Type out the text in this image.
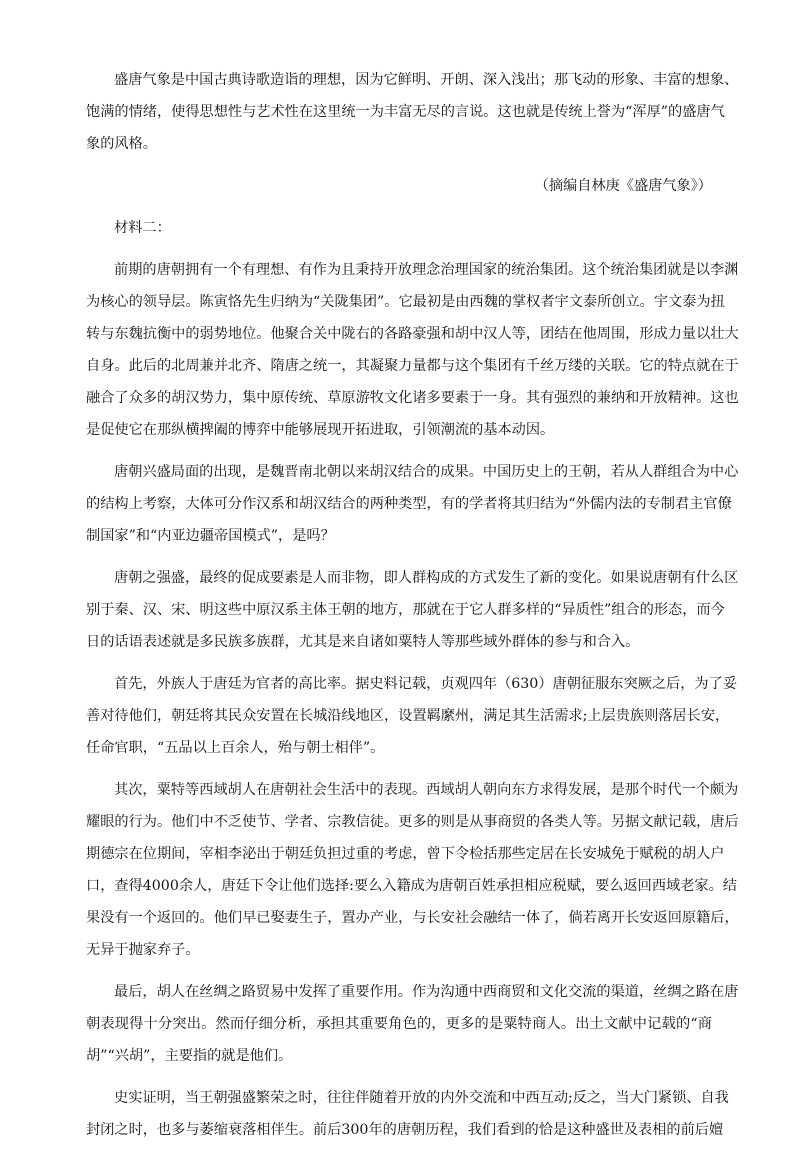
盛唐气象是中国古典诗歌造诣的理想，因为它鲜明、开朗、深入浅出；那飞动的形象、丰富的想象、
饱满的情绪，使得思想性与艺术性在这里统一为丰富无尽的言说。这也就是传统上誉为“浑厚”的盛唐气
象的风格。
（摘编自林庚《盛唐气象》）
材料二：
前期的唐朝拥有一个有理想、有作为且秉持开放理念治理国家的统治集团。这个统治集团就是以李渊
为核心的领导层。陈寅恪先生归纳为“关陇集团”。它最初是由西魏的掌权者宇文泰所创立。宇文泰为扭
转与东魏抗衡中的弱势地位。他聚合关中陇右的各路豪强和胡中汉人等，团结在他周围，形成力量以壮大
自身。此后的北周兼并北齐、隋唐之统一，其凝聚力量都与这个集团有千丝万缕的关联。它的特点就在于
融合了众多的胡汉势力，集中原传统、草原游牧文化诸多要素于一身。其有强烈的兼纳和开放精神。这也
是促使它在那纵横捭阖的博弈中能够展现开拓进取，引领潮流的基本动因。
唐朝兴盛局面的出现，是魏晋南北朝以来胡汉结合的成果。中国历史上的王朝，若从人群组合为中心
的结构上考察，大体可分作汉系和胡汉结合的两种类型，有的学者将其归结为“外儒内法的专制君主官僚
制国家”和“内亚边疆帝国模式”，是吗？
唐朝之强盛，最终的促成要素是人而非物，即人群构成的方式发生了新的变化。如果说唐朝有什么区
别于秦、汉、宋、明这些中原汉系主体王朝的地方，那就在于它人群多样的“异质性”组合的形态，而今
日的话语表述就是多民族多族群，尤其是来自诸如粟特人等那些域外群体的参与和合入。
首先，外族人于唐廷为官者的高比率。据史料记载，贞观四年（630）唐朝征服东突厥之后，为了妥
善对待他们，朝廷将其民众安置在长城沿线地区，设置羁縻州，满足其生活需求;上层贵族则落居长安，
任命官职，“五品以上百余人，殆与朝士相伴”。
其次，粟特等西域胡人在唐朝社会生活中的表现。西域胡人朝向东方求得发展，是那个时代一个颇为
耀眼的行为。他们中不乏使节、学者、宗教信徒。更多的则是从事商贸的各类人等。另据文献记载，唐后
期德宗在位期间，宰相李泌出于朝廷负担过重的考虑，曾下令检括那些定居在长安城免于赋税的胡人户
口，查得4000余人，唐廷下令让他们选择:要么入籍成为唐朝百姓承担相应税赋，要么返回西域老家。结
果没有一个返回的。他们早已娶妻生子，置办产业，与长安社会融结一体了，倘若离开长安返回原籍后，
无异于抛家弃子。
最后，胡人在丝绸之路贸易中发挥了重要作用。作为沟通中西商贸和文化交流的渠道，丝绸之路在唐
朝表现得十分突出。然而仔细分析，承担其重要角色的，更多的是粟特商人。出土文献中记载的“商
胡”“兴胡”，主要指的就是他们。
史实证明，当王朝强盛繁荣之时，往往伴随着开放的内外交流和中西互动;反之，当大门紧锁、自我
封闭之时，也多与萎缩衰落相伴生。前后300年的唐朝历程，我们看到的恰是这种盛世及表相的前后嬗
